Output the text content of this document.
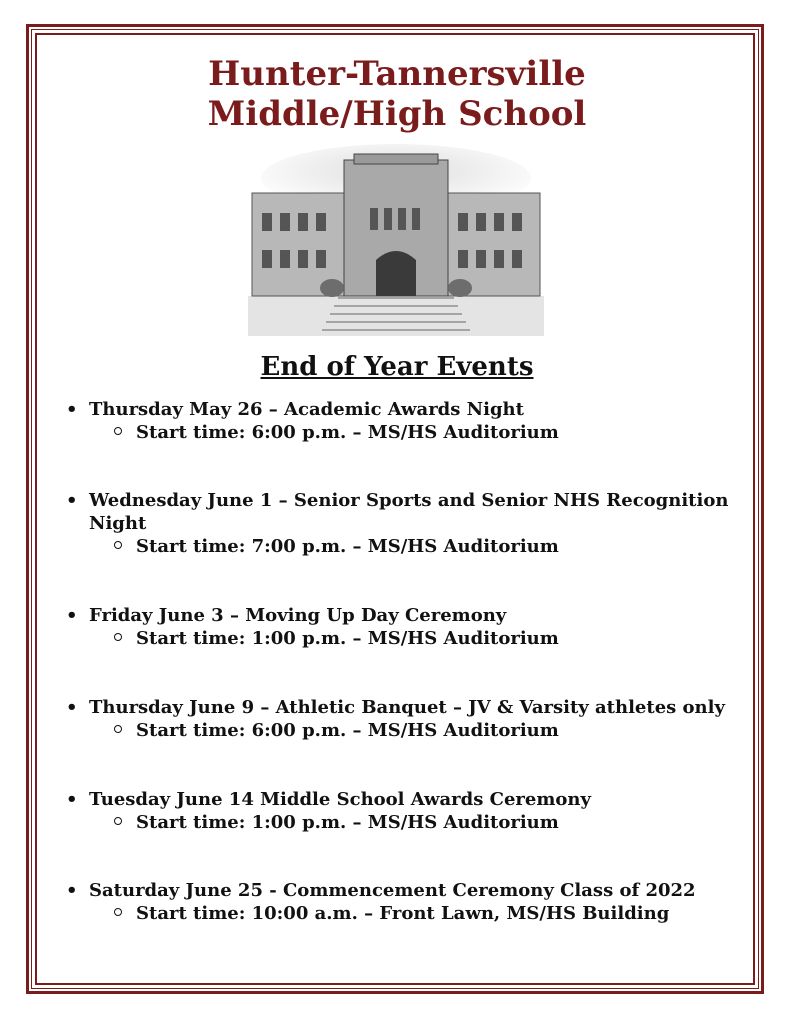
Hunter-Tannersville
Middle/High School
End of Year Events
• Thursday May 26 – Academic Awards Night
Start time: 6:00 p.m. – MS/HS Auditorium
• Wednesday June 1 – Senior Sports and Senior NHS Recognition Night
Start time: 7:00 p.m. – MS/HS Auditorium
• Friday June 3 – Moving Up Day Ceremony
Start time: 1:00 p.m. – MS/HS Auditorium
• Thursday June 9 – Athletic Banquet – JV & Varsity athletes only
Start time: 6:00 p.m. – MS/HS Auditorium
• Tuesday June 14 Middle School Awards Ceremony
Start time: 1:00 p.m. – MS/HS Auditorium
• Saturday June 25 - Commencement Ceremony Class of 2022
Start time: 10:00 a.m. – Front Lawn, MS/HS Building
